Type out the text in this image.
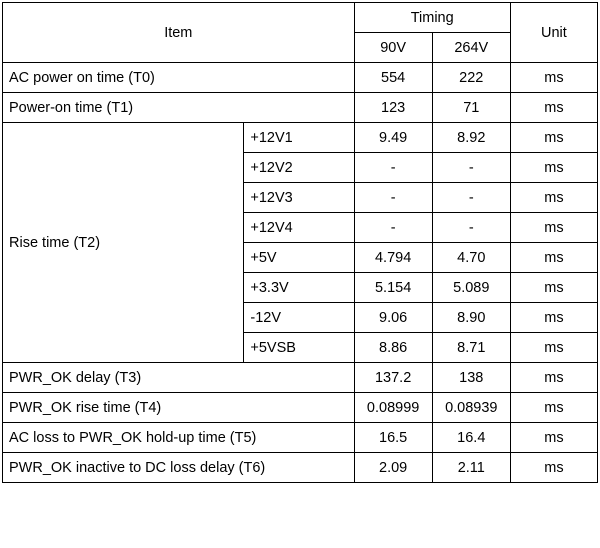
Item		Timing		Unit
		90V	264V	
AC power on time (T0)		554	222	ms
Power-on time (T1)		123	71	ms
Rise time (T2)	+12V1	9.49	8.92	ms
	+12V2	-	-	ms
	+12V3	-	-	ms
	+12V4	-	-	ms
	+5V	4.794	4.70	ms
	+3.3V	5.154	5.089	ms
	-12V	9.06	8.90	ms
	+5VSB	8.86	8.71	ms
PWR_OK delay (T3)		137.2	138	ms
PWR_OK rise time (T4)		0.08999	0.08939	ms
AC loss to PWR_OK hold-up time (T5)		16.5	16.4	ms
PWR_OK inactive to DC loss delay (T6)		2.09	2.11	ms
